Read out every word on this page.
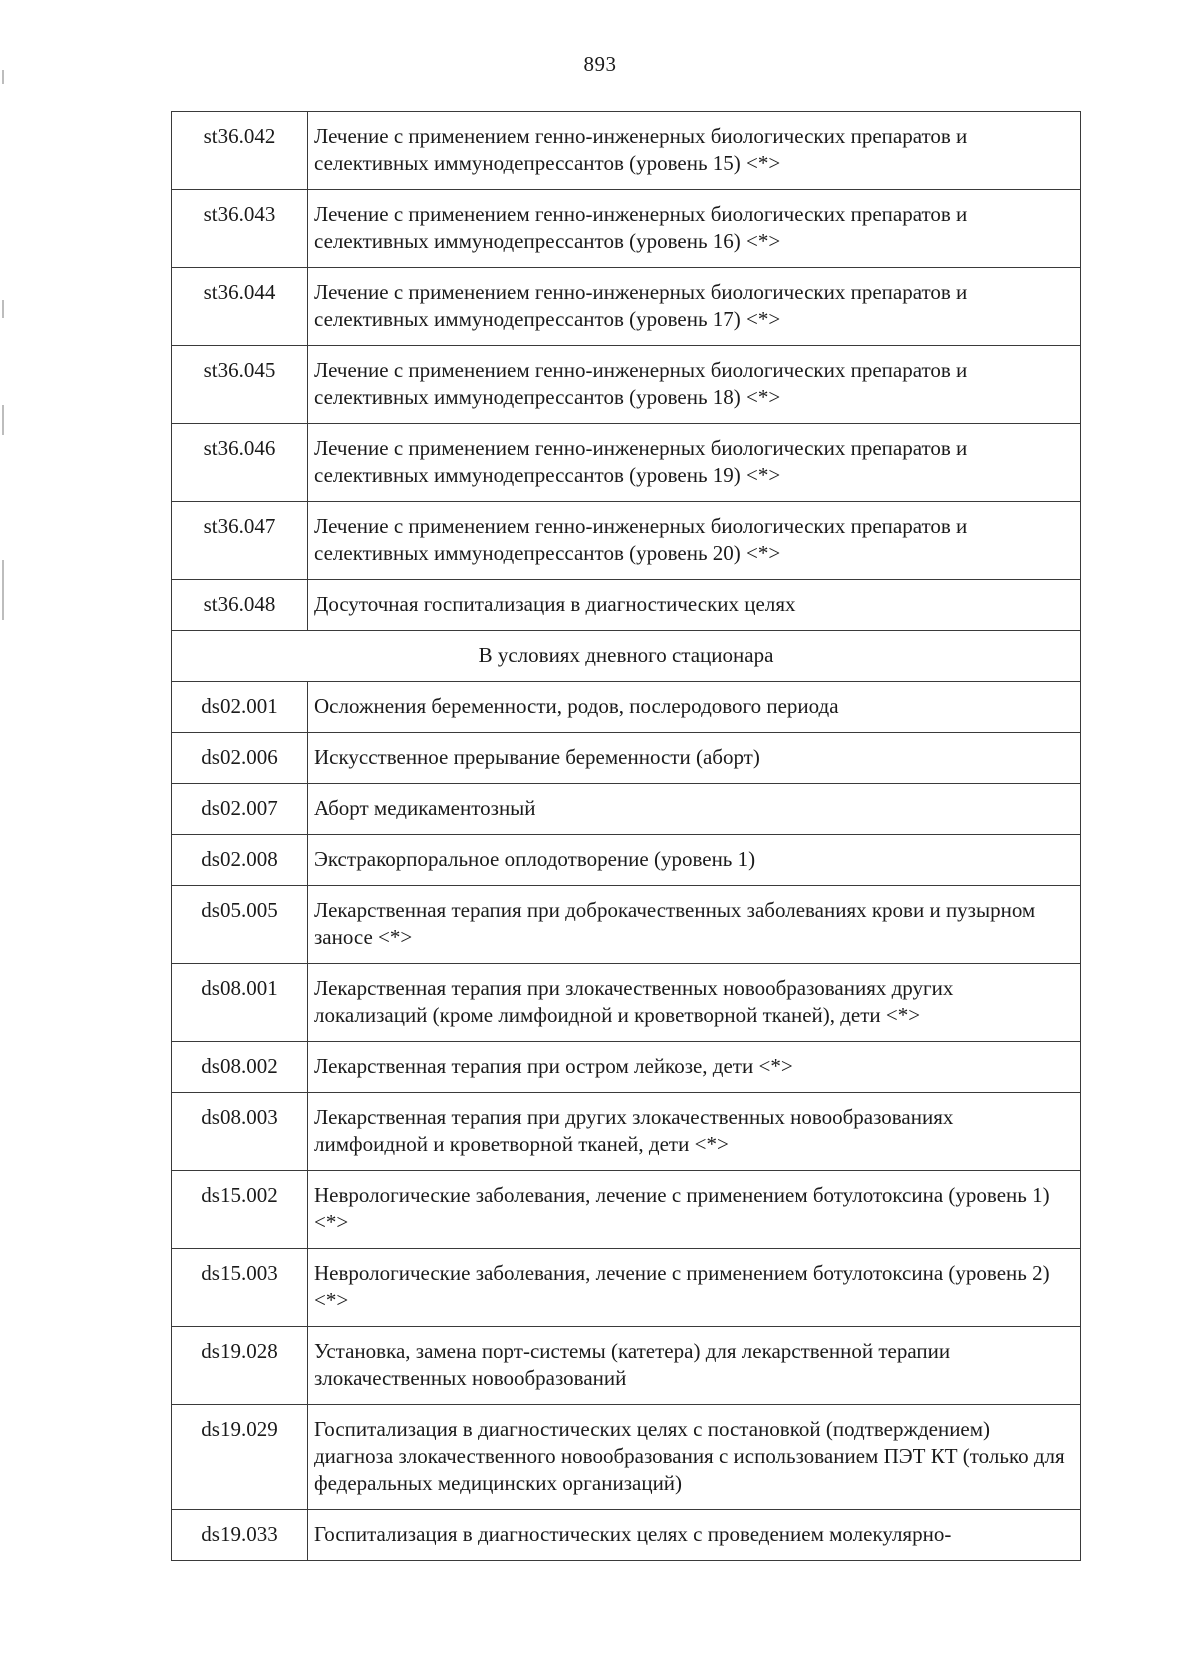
893
st36.042	Лечение с применением генно-инженерных биологических препаратов и селективных иммунодепрессантов (уровень 15) <*>
st36.043	Лечение с применением генно-инженерных биологических препаратов и селективных иммунодепрессантов (уровень 16) <*>
st36.044	Лечение с применением генно-инженерных биологических препаратов и селективных иммунодепрессантов (уровень 17) <*>
st36.045	Лечение с применением генно-инженерных биологических препаратов и селективных иммунодепрессантов (уровень 18) <*>
st36.046	Лечение с применением генно-инженерных биологических препаратов и селективных иммунодепрессантов (уровень 19) <*>
st36.047	Лечение с применением генно-инженерных биологических препаратов и селективных иммунодепрессантов (уровень 20) <*>
st36.048	Досуточная госпитализация в диагностических целях
В условиях дневного стационара	
ds02.001	Осложнения беременности, родов, послеродового периода
ds02.006	Искусственное прерывание беременности (аборт)
ds02.007	Аборт медикаментозный
ds02.008	Экстракорпоральное оплодотворение (уровень 1)
ds05.005	Лекарственная терапия при доброкачественных заболеваниях крови и пузырном заносе <*>
ds08.001	Лекарственная терапия при злокачественных новообразованиях других локализаций (кроме лимфоидной и кроветворной тканей), дети <*>
ds08.002	Лекарственная терапия при остром лейкозе, дети <*>
ds08.003	Лекарственная терапия при других злокачественных новообразованиях лимфоидной и кроветворной тканей, дети <*>
ds15.002	Неврологические заболевания, лечение с применением ботулотоксина (уровень 1) <*>
ds15.003	Неврологические заболевания, лечение с применением ботулотоксина (уровень 2) <*>
ds19.028	Установка, замена порт-системы (катетера) для лекарственной терапии злокачественных новообразований
ds19.029	Госпитализация в диагностических целях с постановкой (подтверждением) диагноза злокачественного новообразования с использованием ПЭТ КТ (только для федеральных медицинских организаций)
ds19.033	Госпитализация в диагностических целях с проведением молекулярно-
